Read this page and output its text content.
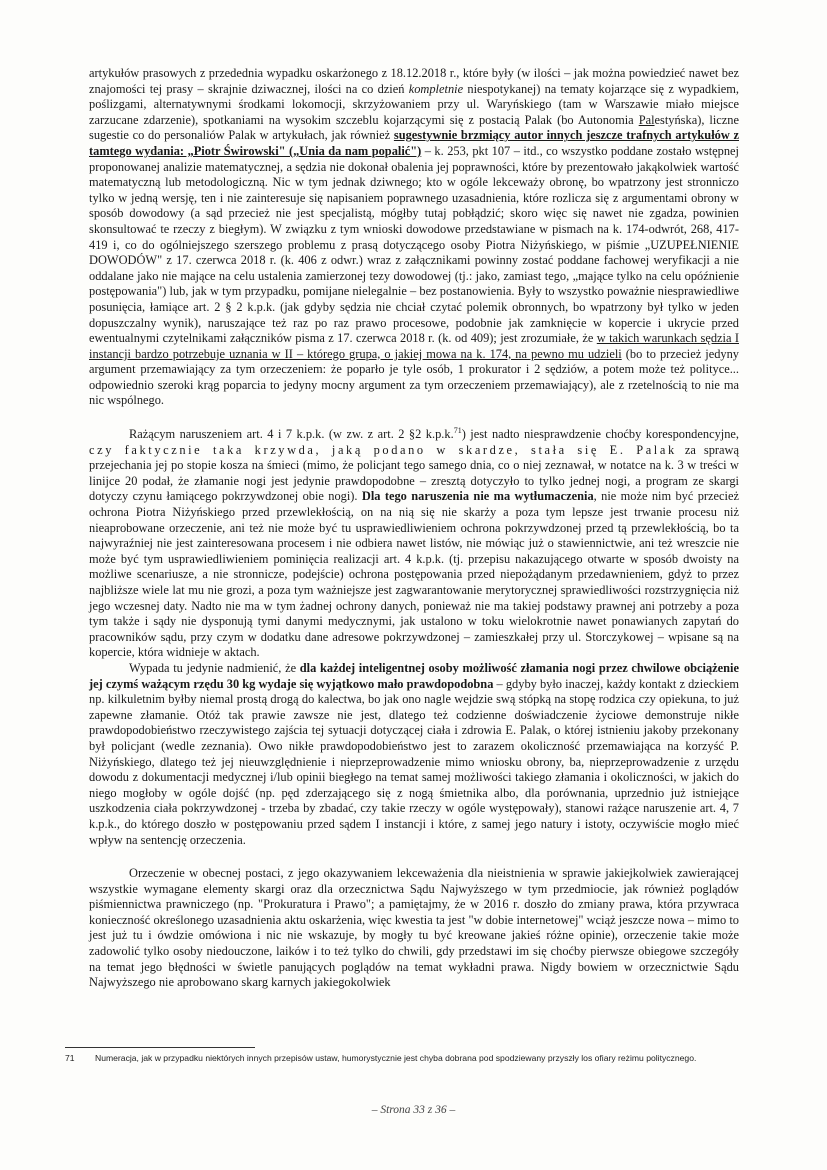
artykułów prasowych z przedednia wypadku oskarżonego z 18.12.2018 r., które były (w ilości – jak można powiedzieć nawet bez znajomości tej prasy – skrajnie dziwacznej, ilości na co dzień kompletnie niespotykanej) na tematy kojarzące się z wypadkiem, poślizgami, alternatywnymi środkami lokomocji, skrzyżowaniem przy ul. Waryńskiego (tam w Warszawie miało miejsce zarzucane zdarzenie), spotkaniami na wysokim szczeblu kojarzącymi się z postacią Palak (bo Autonomia Palestyńska), liczne sugestie co do personaliów Palak w artykułach, jak również sugestywnie brzmiący autor innych jeszcze trafnych artykułów z tamtego wydania: „Piotr Świrowski" („Unia da nam popalić") – k. 253, pkt 107 – itd., co wszystko poddane zostało wstępnej proponowanej analizie matematycznej, a sędzia nie dokonał obalenia jej poprawności, które by prezentowało jakąkolwiek wartość matematyczną lub metodologiczną. Nic w tym jednak dziwnego; kto w ogóle lekceważy obronę, bo wpatrzony jest stronniczo tylko w jedną wersję, ten i nie zainteresuje się napisaniem poprawnego uzasadnienia, które rozlicza się z argumentami obrony w sposób dowodowy (a sąd przecież nie jest specjalistą, mógłby tutaj pobłądzić; skoro więc się nawet nie zgadza, powinien skonsultować te rzeczy z biegłym). W związku z tym wnioski dowodowe przedstawiane w pismach na k. 174-odwrót, 268, 417-419 i, co do ogólniejszego szerszego problemu z prasą dotyczącego osoby Piotra Niżyńskiego, w piśmie „UZUPEŁNIENIE DOWODÓW" z 17. czerwca 2018 r. (k. 406 z odwr.) wraz z załącznikami powinny zostać poddane fachowej weryfikacji a nie oddalane jako nie mające na celu ustalenia zamierzonej tezy dowodowej (tj.: jako, zamiast tego, „mające tylko na celu opóźnienie postępowania") lub, jak w tym przypadku, pomijane nielegalnie – bez postanowienia. Były to wszystko poważnie niesprawiedliwe posunięcia, łamiące art. 2 § 2 k.p.k. (jak gdyby sędzia nie chciał czytać polemik obronnych, bo wpatrzony był tylko w jeden dopuszczalny wynik), naruszające też raz po raz prawo procesowe, podobnie jak zamknięcie w kopercie i ukrycie przed ewentualnymi czytelnikami załączników pisma z 17. czerwca 2018 r. (k. od 409); jest zrozumiałe, że w takich warunkach sędzia I instancji bardzo potrzebuje uznania w II – którego grupa, o jakiej mowa na k. 174, na pewno mu udzieli (bo to przecież jedyny argument przemawiający za tym orzeczeniem: że poparło je tyle osób, 1 prokurator i 2 sędziów, a potem może też polityce... odpowiednio szeroki krąg poparcia to jedyny mocny argument za tym orzeczeniem przemawiający), ale z rzetelnością to nie ma nic wspólnego.

Rażącym naruszeniem art. 4 i 7 k.p.k. (w zw. z art. 2 §2 k.p.k.$^{71}$) jest nadto niesprawdzenie choćby korespondencyjne, czy faktycznie taka krzywda, jaką podano w skardze, stała się E. Palak za sprawą przejechania jej po stopie kosza na śmieci (mimo, że policjant tego samego dnia, co o niej zeznawał, w notatce na k. 3 w treści w linijce 20 podał, że złamanie nogi jest jedynie prawdopodobne – zresztą dotyczyło to tylko jednej nogi, a program ze skargi dotyczy czynu łamiącego pokrzywdzonej obie nogi). Dla tego naruszenia nie ma wytłumaczenia, nie może nim być przecież ochrona Piotra Niżyńskiego przed przewlekłością, on na nią się nie skarży a poza tym lepsze jest trwanie procesu niż nieaprobowane orzeczenie, ani też nie może być tu usprawiedliwieniem ochrona pokrzywdzonej przed tą przewlekłością, bo ta najwyraźniej nie jest zainteresowana procesem i nie odbiera nawet listów, nie mówiąc już o stawiennictwie, ani też wreszcie nie może być tym usprawiedliwieniem pominięcia realizacji art. 4 k.p.k. (tj. przepisu nakazującego otwarte w sposób dwoisty na możliwe scenariusze, a nie stronnicze, podejście) ochrona postępowania przed niepożądanym przedawnieniem, gdyż to przez najbliższe wiele lat mu nie grozi, a poza tym ważniejsze jest zagwarantowanie merytorycznej sprawiedliwości rozstrzygnięcia niż jego wczesnej daty. Nadto nie ma w tym żadnej ochrony danych, ponieważ nie ma takiej podstawy prawnej ani potrzeby a poza tym także i sądy nie dysponują tymi danymi medycznymi, jak ustalono w toku wielokrotnie nawet ponawianych zapytań do pracowników sądu, przy czym w dodatku dane adresowe pokrzywdzonej – zamieszkałej przy ul. Storczykowej – wpisane są na kopercie, która widnieje w aktach.

Wypada tu jedynie nadmienić, że dla każdej inteligentnej osoby możliwość złamania nogi przez chwilowe obciążenie jej czymś ważącym rzędu 30 kg wydaje się wyjątkowo mało prawdopodobna – gdyby było inaczej, każdy kontakt z dzieckiem np. kilkuletnim byłby niemal prostą drogą do kalectwa, bo jak ono nagle wejdzie swą stópką na stopę rodzica czy opiekuna, to już zapewne złamanie. Otóż tak prawie zawsze nie jest, dlatego też codzienne doświadczenie życiowe demonstruje nikłe prawdopodobieństwo rzeczywistego zajścia tej sytuacji dotyczącej ciała i zdrowia E. Palak, o której istnieniu jakoby przekonany był policjant (wedle zeznania). Owo nikłe prawdopodobieństwo jest to zarazem okoliczność przemawiająca na korzyść P. Niżyńskiego, dlatego też jej nieuwzględnienie i nieprzeprowadzenie mimo wniosku obrony, ba, nieprzeprowadzenie z urzędu dowodu z dokumentacji medycznej i/lub opinii biegłego na temat samej możliwości takiego złamania i okoliczności, w jakich do niego mogłoby w ogóle dojść (np. pęd zderzającego się z nogą śmietnika albo, dla porównania, uprzednio już istniejące uszkodzenia ciała pokrzywdzonej - trzeba by zbadać, czy takie rzeczy w ogóle występowały), stanowi rażące naruszenie art. 4, 7 k.p.k., do którego doszło w postępowaniu przed sądem I instancji i które, z samej jego natury i istoty, oczywiście mogło mieć wpływ na sentencję orzeczenia.

Orzeczenie w obecnej postaci, z jego okazywaniem lekceważenia dla nieistnienia w sprawie jakiejkolwiek zawierającej wszystkie wymagane elementy skargi oraz dla orzecznictwa Sądu Najwyższego w tym przedmiocie, jak również poglądów piśmiennictwa prawniczego (np. "Prokuratura i Prawo"; a pamiętajmy, że w 2016 r. doszło do zmiany prawa, która przywraca konieczność określonego uzasadnienia aktu oskarżenia, więc kwestia ta jest "w dobie internetowej" wciąż jeszcze nowa – mimo to jest już tu i ówdzie omówiona i nic nie wskazuje, by mogły tu być kreowane jakieś różne opinie), orzeczenie takie może zadowolić tylko osoby niedouczone, laików i to też tylko do chwili, gdy przedstawi im się choćby pierwsze obiegowe szczegóły na temat jego błędności w świetle panujących poglądów na temat wykładni prawa. Nigdy bowiem w orzecznictwie Sądu Najwyższego nie aprobowano skarg karnych jakiegokolwiek

71 Numeracja, jak w przypadku niektórych innych przepisów ustaw, humorystycznie jest chyba dobrana pod spodziewany przyszły los ofiary reżimu politycznego.
– Strona 33 z 36 –
